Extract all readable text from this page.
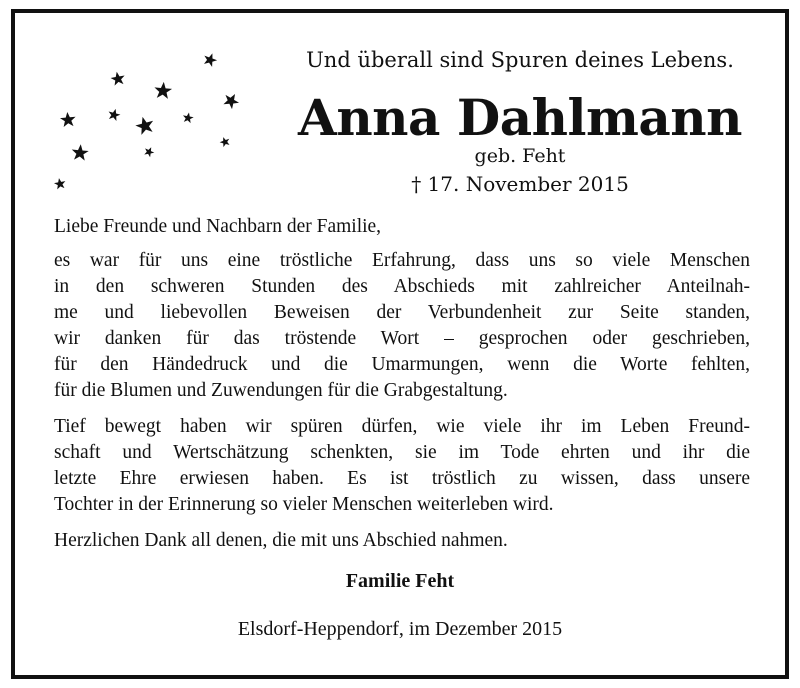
Und überall sind Spuren deines Lebens.
Anna Dahlmann
geb. Feht
† 17. November 2015

Liebe Freunde und Nachbarn der Familie,

es war für uns eine tröstliche Erfahrung, dass uns so viele Menschen
in den schweren Stunden des Abschieds mit zahlreicher Anteilnah-
me und liebevollen Beweisen der Verbundenheit zur Seite standen,
wir danken für das tröstende Wort – gesprochen oder geschrieben,
für den Händedruck und die Umarmungen, wenn die Worte fehlten,
für die Blumen und Zuwendungen für die Grabgestaltung.

Tief bewegt haben wir spüren dürfen, wie viele ihr im Leben Freund-
schaft und Wertschätzung schenkten, sie im Tode ehrten und ihr die
letzte Ehre erwiesen haben. Es ist tröstlich zu wissen, dass unsere
Tochter in der Erinnerung so vieler Menschen weiterleben wird.

Herzlichen Dank all denen, die mit uns Abschied nahmen.

Familie Feht
Elsdorf-Heppendorf, im Dezember 2015
